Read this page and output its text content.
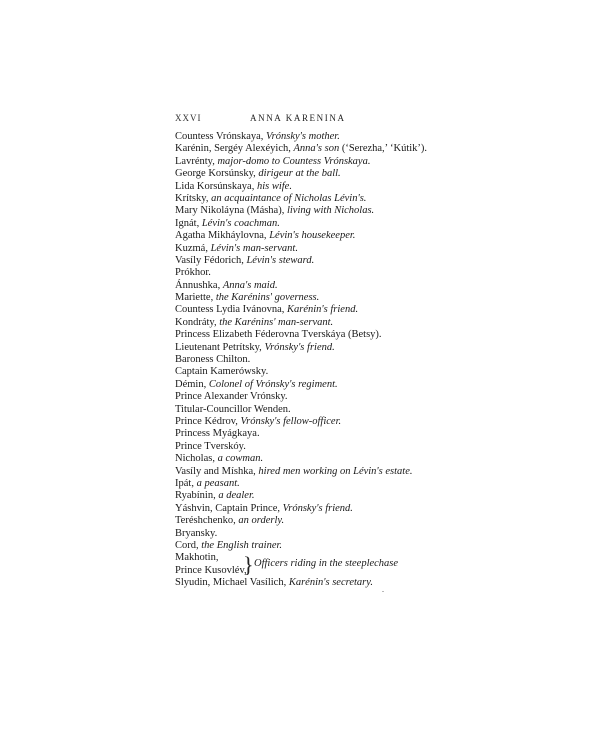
XXVI	ANNA KARENINA
Countess Vrónskaya, Vrónsky's mother.
Karénin, Sergéy Alexéyich, Anna's son (‘Serezha,’ ‘Kútik’).
Lavrénty, major-domo to Countess Vrónskaya.
George Korsúnsky, dirigeur at the ball.
Lida Korsúnskaya, his wife.
Krítsky, an acquaintance of Nicholas Lévin's.
Mary Nikoláyna (Másha), living with Nicholas.
Ignát, Lévin's coachman.
Agatha Mikháylovna, Lévin's housekeeper.
Kuzmá, Lévin's man-servant.
Vasíly Fédorich, Lévin's steward.
Prókhor.
Ánnushka, Anna's maid.
Mariette, the Karénins' governess.
Countess Lydia Ivánovna, Karénin's friend.
Kondráty, the Karénins' man-servant.
Princess Elizabeth Féderovna Tverskáya (Betsy).
Lieutenant Petrítsky, Vrónsky's friend.
Baroness Chilton.
Captain Kamerówsky.
Démin, Colonel of Vrónsky's regiment.
Prince Alexander Vrónsky.
Titular-Councillor Wenden.
Prince Kédrov, Vrónsky's fellow-officer.
Princess Myágkaya.
Prince Tverskóy.
Nicholas, a cowman.
Vasíly and Míshka, hired men working on Lévin's estate.
Ipát, a peasant.
Ryabínin, a dealer.
Yáshvin, Captain Prince, Vrónsky's friend.
Teréshchenko, an orderly.
Bryansky.
Cord, the English trainer.
Makhotin,
Prince Kusovlév,
} Officers riding in the steeplechase
Slyudin, Michael Vasílich, Karénin's secretary.
.
